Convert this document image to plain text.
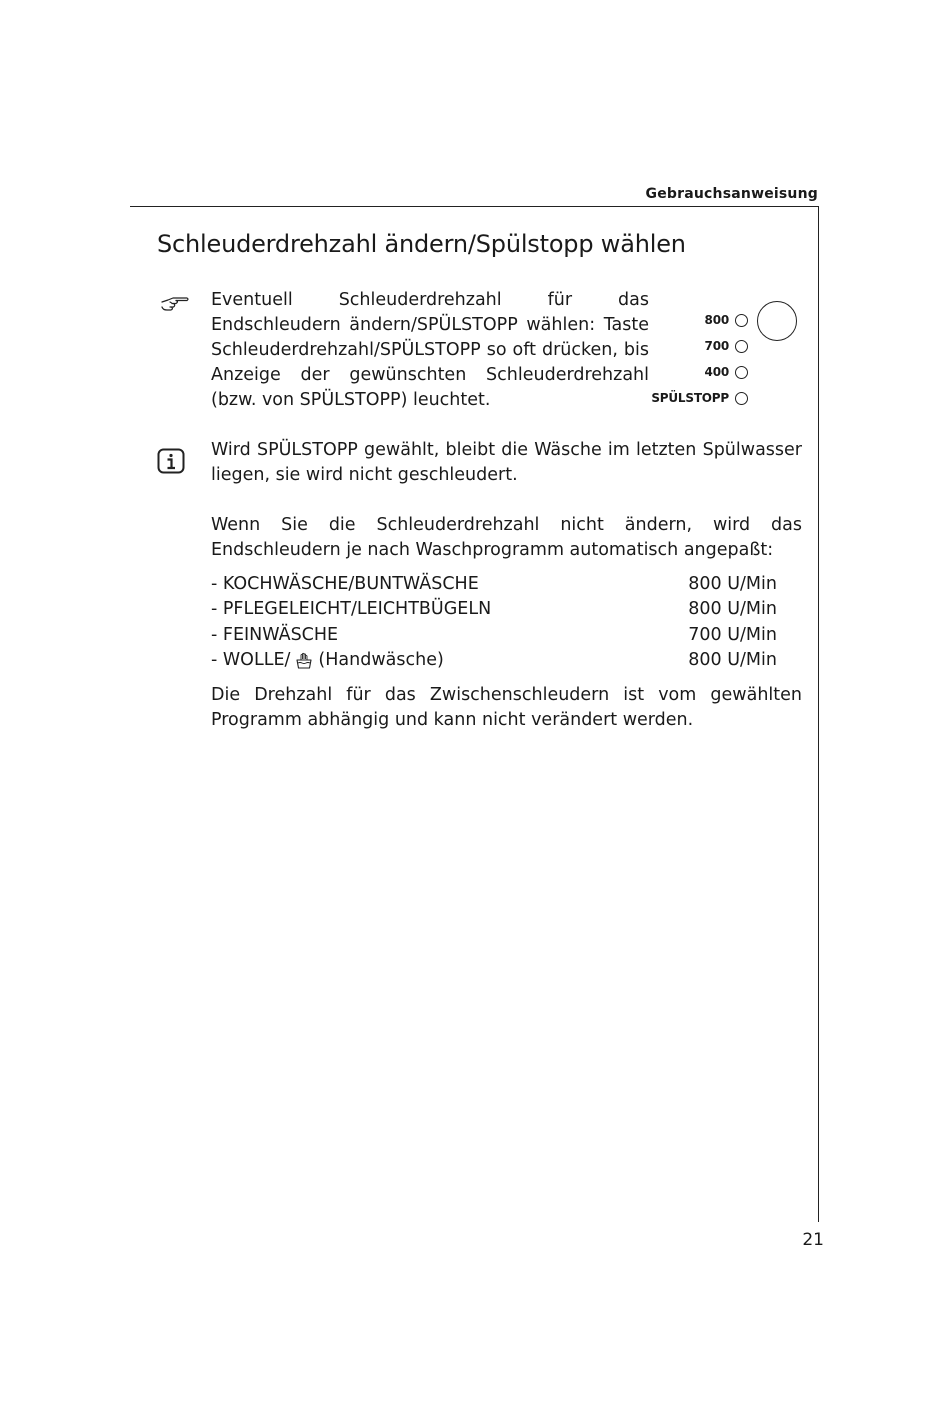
Gebrauchsanweisung
Schleuderdrehzahl ändern/Spülstopp wählen
Eventuell Schleuderdrehzahl für das Endschleudern ändern/SPÜLSTOPP wählen: Taste Schleuderdrehzahl/SPÜLSTOPP so oft drücken, bis Anzeige der gewünschten Schleuderdrehzahl (bzw. von SPÜLSTOPP) leuchtet.
800
700
400
SPÜLSTOPP
Wird SPÜLSTOPP gewählt, bleibt die Wäsche im letzten Spülwasser liegen, sie wird nicht geschleudert.
Wenn Sie die Schleuderdrehzahl nicht ändern, wird das Endschleudern je nach Waschprogramm automatisch angepaßt:
- KOCHWÄSCHE/BUNTWÄSCHE	800 U/Min
- PFLEGELEICHT/LEICHTBÜGELN	800 U/Min
- FEINWÄSCHE	700 U/Min
- WOLLE/ (Handwäsche)	800 U/Min
Die Drehzahl für das Zwischenschleudern ist vom gewählten Programm abhängig und kann nicht verändert werden.
21
